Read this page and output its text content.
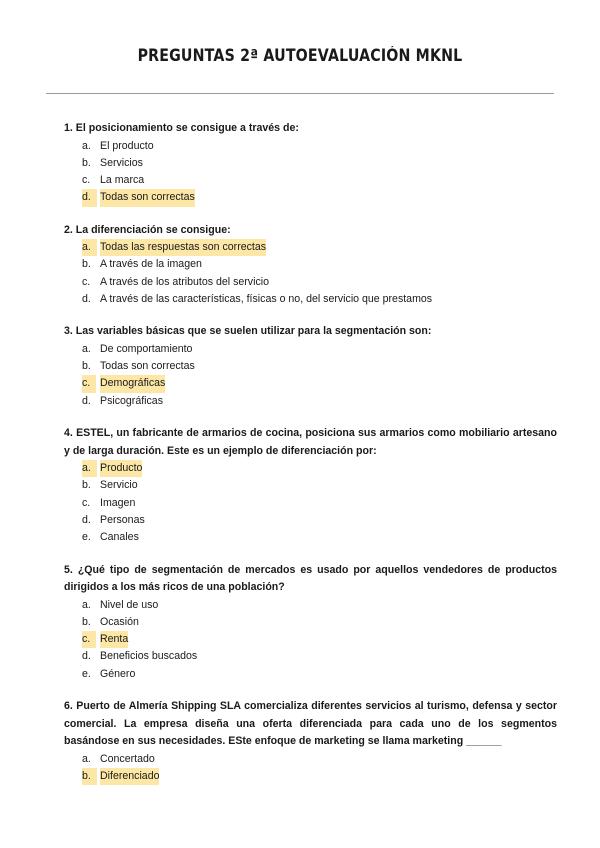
PREGUNTAS 2ª AUTOEVALUACIÓN MKNL
1. El posicionamiento se consigue a través de:
a. El producto
b. Servicios
c. La marca
d. Todas son correctas
2. La diferenciación se consigue:
a. Todas las respuestas son correctas
b. A través de la imagen
c. A través de los atributos del servicio
d. A través de las características, físicas o no, del servicio que prestamos
3. Las variables básicas que se suelen utilizar para la segmentación son:
a. De comportamiento
b. Todas son correctas
c. Demográficas
d. Psicográficas
4. ESTEL, un fabricante de armarios de cocina, posiciona sus armarios como mobiliario artesano y de larga duración. Este es un ejemplo de diferenciación por:
a. Producto
b. Servicio
c. Imagen
d. Personas
e. Canales
5. ¿Qué tipo de segmentación de mercados es usado por aquellos vendedores de productos dirigidos a los más ricos de una población?
a. Nivel de uso
b. Ocasión
c. Renta
d. Beneficios buscados
e. Género
6. Puerto de Almería Shipping SLA comercializa diferentes servicios al turismo, defensa y sector comercial. La empresa diseña una oferta diferenciada para cada uno de los segmentos basándose en sus necesidades. ESte enfoque de marketing se llama marketing ______
a. Concertado
b. Diferenciado
